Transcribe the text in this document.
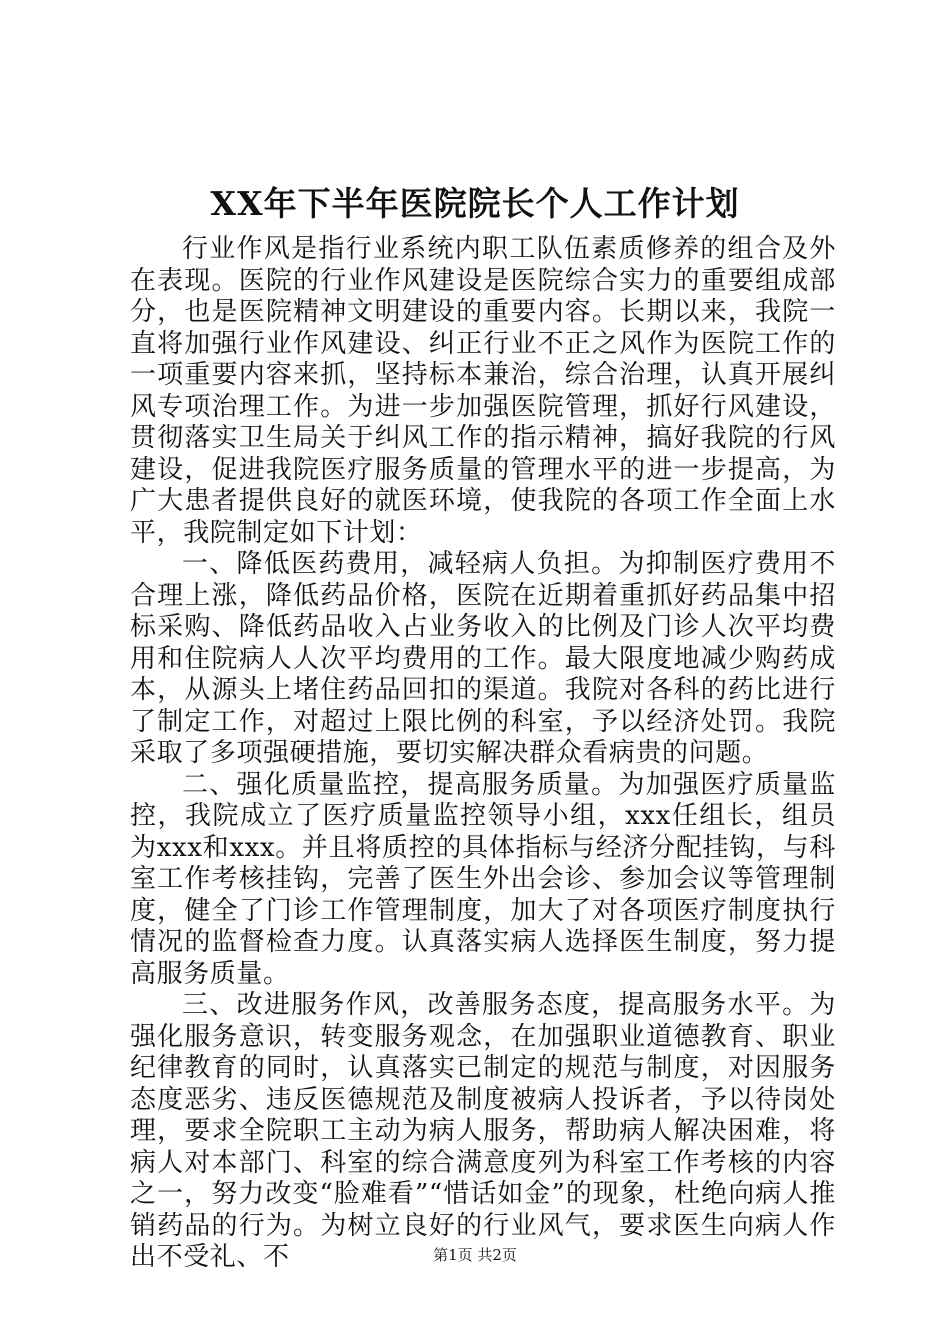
XX年下半年医院院长个人工作计划

行业作风是指行业系统内职工队伍素质修养的组合及外在表现。医院的行业作风建设是医院综合实力的重要组成部分，也是医院精神文明建设的重要内容。长期以来，我院一直将加强行业作风建设、纠正行业不正之风作为医院工作的一项重要内容来抓，坚持标本兼治，综合治理，认真开展纠风专项治理工作。为进一步加强医院管理，抓好行风建设，贯彻落实卫生局关于纠风工作的指示精神，搞好我院的行风建设，促进我院医疗服务质量的管理水平的进一步提高，为广大患者提供良好的就医环境，使我院的各项工作全面上水平，我院制定如下计划：

一、降低医药费用，减轻病人负担。为抑制医疗费用不合理上涨，降低药品价格，医院在近期着重抓好药品集中招标采购、降低药品收入占业务收入的比例及门诊人次平均费用和住院病人人次平均费用的工作。最大限度地减少购药成本，从源头上堵住药品回扣的渠道。我院对各科的药比进行了制定工作，对超过上限比例的科室，予以经济处罚。我院采取了多项强硬措施，要切实解决群众看病贵的问题。

二、强化质量监控，提高服务质量。为加强医疗质量监控，我院成立了医疗质量监控领导小组，xxx任组长，组员为xxx和xxx。并且将质控的具体指标与经济分配挂钩，与科室工作考核挂钩，完善了医生外出会诊、参加会议等管理制度，健全了门诊工作管理制度，加大了对各项医疗制度执行情况的监督检查力度。认真落实病人选择医生制度，努力提高服务质量。

三、改进服务作风，改善服务态度，提高服务水平。为强化服务意识，转变服务观念，在加强职业道德教育、职业纪律教育的同时，认真落实已制定的规范与制度，对因服务态度恶劣、违反医德规范及制度被病人投诉者，予以待岗处理，要求全院职工主动为病人服务，帮助病人解决困难，将病人对本部门、科室的综合满意度列为科室工作考核的内容之一，努力改变“脸难看”“惜话如金”的现象，杜绝向病人推销药品的行为。为树立良好的行业风气，要求医生向病人作出不受礼、不	第1页 共2页
